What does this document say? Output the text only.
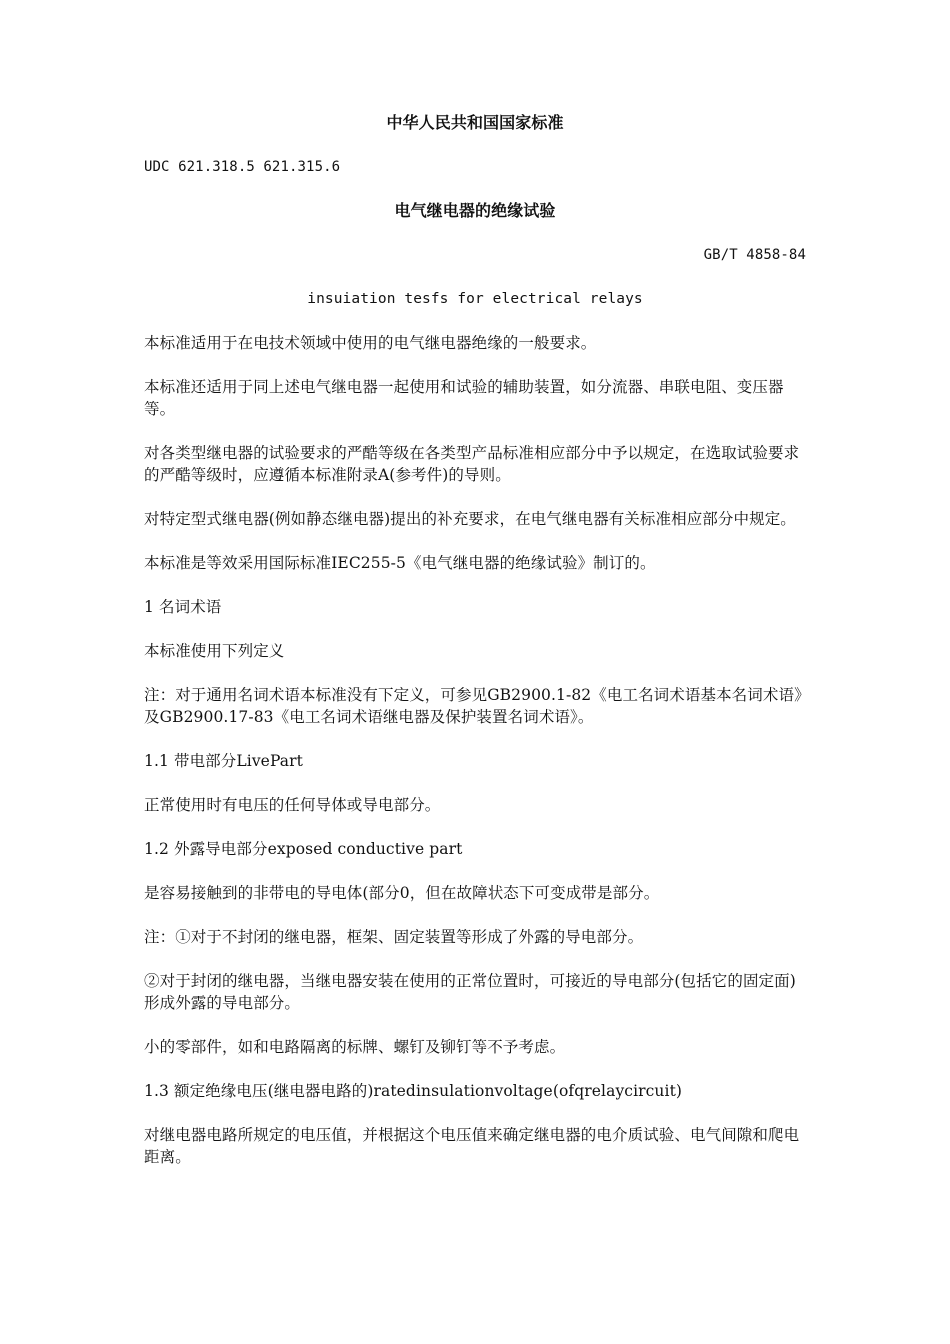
中华人民共和国国家标准

UDC 621.318.5 621.315.6

电气继电器的绝缘试验

GB/T 4858-84

insuiation tesfs for electrical relays

本标准适用于在电技术领域中使用的电气继电器绝缘的一般要求。

本标准还适用于同上述电气继电器一起使用和试验的辅助装置，如分流器、串联电阻、变压器等。

对各类型继电器的试验要求的严酷等级在各类型产品标准相应部分中予以规定，在选取试验要求的严酷等级时，应遵循本标准附录A(参考件)的导则。

对特定型式继电器(例如静态继电器)提出的补充要求，在电气继电器有关标准相应部分中规定。

本标准是等效采用国际标准IEC255-5《电气继电器的绝缘试验》制订的。

1 名词术语

本标准使用下列定义

注：对于通用名词术语本标准没有下定义，可参见GB2900.1-82《电工名词术语基本名词术语》及GB2900.17-83《电工名词术语继电器及保护装置名词术语》。

1.1 带电部分LivePart

正常使用时有电压的任何导体或导电部分。

1.2 外露导电部分exposed conductive part

是容易接触到的非带电的导电体(部分0，但在故障状态下可变成带是部分。

注：①对于不封闭的继电器，框架、固定装置等形成了外露的导电部分。

②对于封闭的继电器，当继电器安装在使用的正常位置时，可接近的导电部分(包括它的固定面)形成外露的导电部分。

小的零部件，如和电路隔离的标牌、螺钉及铆钉等不予考虑。

1.3 额定绝缘电压(继电器电路的)ratedinsulationvoltage(ofqrelaycircuit)

对继电器电路所规定的电压值，并根据这个电压值来确定继电器的电介质试验、电气间隙和爬电距离。
